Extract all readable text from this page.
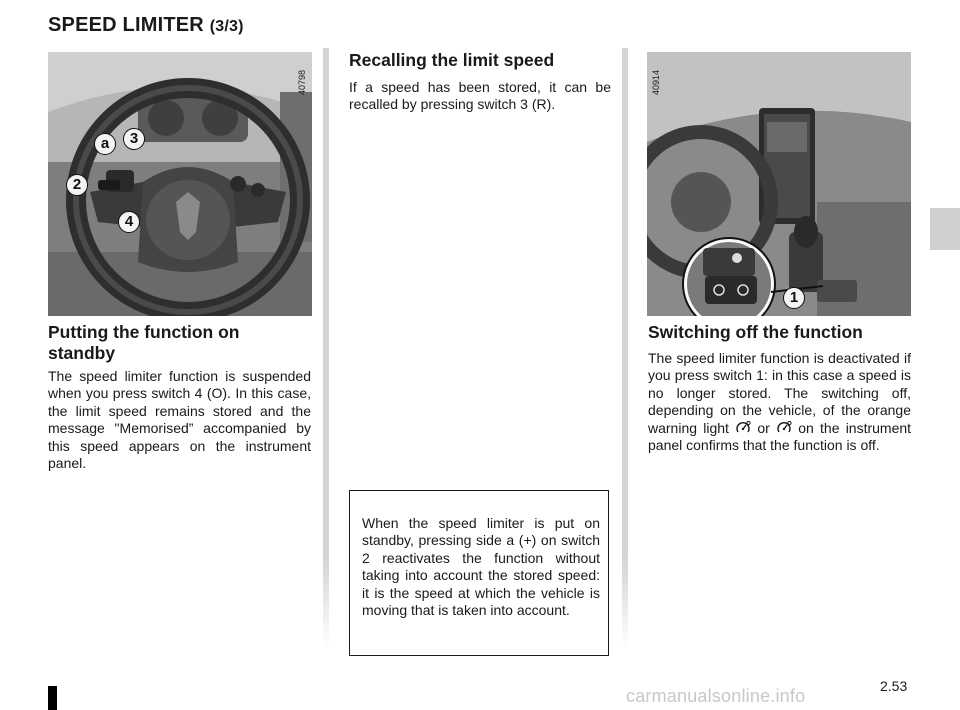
SPEED LIMITER (3/3)
40798
a	3
2
4
40914
1
Putting the function on standby
The speed limiter function is suspended when you press switch 4 (O). In this case, the limit speed remains stored and the message "Memorised” accompanied by this speed appears on the instrument panel.
Recalling the limit speed
If a speed has been stored, it can be recalled by pressing switch 3 (R).
When the speed limiter is put on standby, pressing side a (+) on switch 2 reactivates the function without taking into account the stored speed: it is the speed at which the vehicle is moving that is taken into account.
Switching off the function
The speed limiter function is deactivated if you press switch 1: in this case a speed is no longer stored. The switching off, depending on the vehicle, of the orange warning light or on the instrument panel confirms that the function is off.
2.53
carmanualsonline.info
